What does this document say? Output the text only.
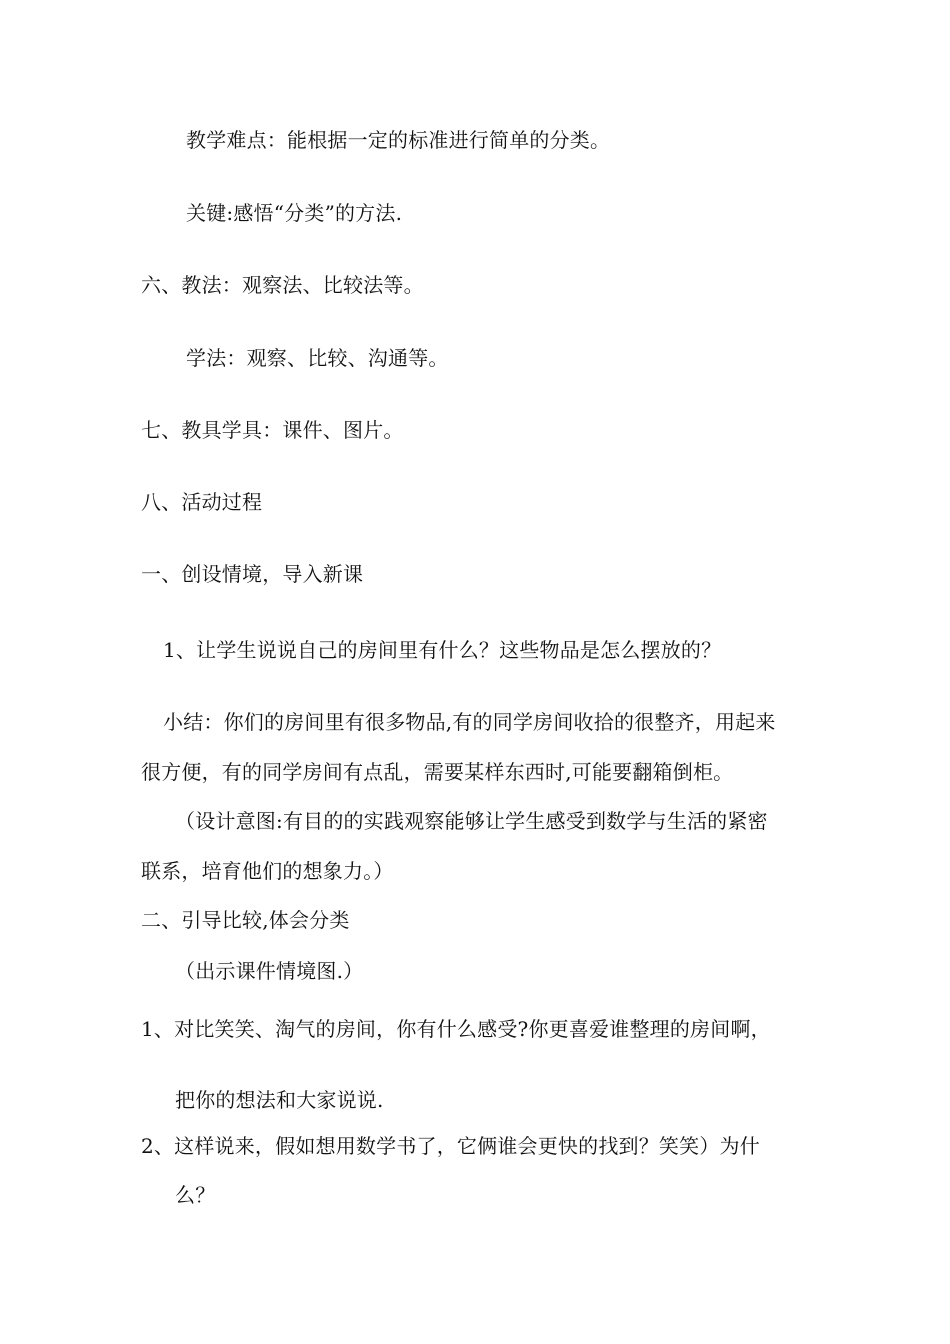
教学难点：能根据一定的标准进行简单的分类。
关键:感悟“分类”的方法.
六、教法：观察法、比较法等。
学法：观察、比较、沟通等。
七、教具学具：课件、图片。
八、活动过程
一、创设情境，导入新课
1、让学生说说自己的房间里有什么？这些物品是怎么摆放的？
小结：你们的房间里有很多物品,有的同学房间收拾的很整齐，用起来
很方便，有的同学房间有点乱，需要某样东西时,可能要翻箱倒柜。
（设计意图:有目的的实践观察能够让学生感受到数学与生活的紧密
联系，培育他们的想象力。）
二、引导比较,体会分类
（出示课件情境图.）
1、对比笑笑、淘气的房间，你有什么感受?你更喜爱谁整理的房间啊，
把你的想法和大家说说.
2、这样说来，假如想用数学书了，它俩谁会更快的找到？笑笑）为什
么？
